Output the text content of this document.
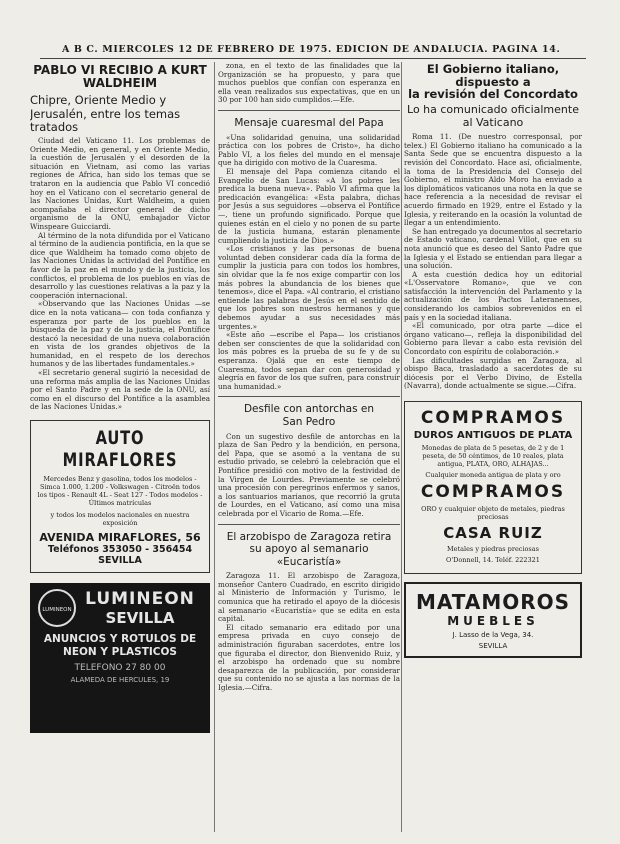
A B C. MIERCOLES 12 DE FEBRERO DE 1975. EDICION DE ANDALUCIA. PAGINA 14.
PABLO VI RECIBIO A KURT
WALDHEIM
Chipre, Oriente Medio y Jerusalén, entre los temas tratados

Ciudad del Vaticano 11. Los problemas de Oriente Medio, en general, y en Oriente Medio, la cuestión de Jerusalén y el desorden de la situación en Vietnam, así como las varias regiones de Africa, han sido los temas que se trataron en la audiencia que Pablo VI concedió hoy en el Vaticano con el secretario general de las Naciones Unidas, Kurt Waldheim, a quien acompañaba el director general de dicho organismo de la ONU, embajador Víctor Winspeare Guicciardi.

Al término de la nota difundida por el Vaticano al término de la audiencia pontificia, en la que se dice que Waldheim ha tomado como objeto de las Naciones Unidas la actividad del Pontífice en favor de la paz en el mundo y de la justicia, los conflictos, el problema de los pueblos en vías de desarrollo y las cuestiones relativas a la paz y la cooperación internacional.

«Observando que las Naciones Unidas —se dice en la nota vaticana— con toda confianza y esperanza por parte de los pueblos en la búsqueda de la paz y de la justicia, el Pontífice destacó la necesidad de una nueva colaboración en vista de los grandes objetivos de la humanidad, en el respeto de los derechos humanos y de las libertades fundamentales.»

«El secretario general sugirió la necesidad de una reforma más amplia de las Naciones Unidas por el Santo Padre y en la sede de la ONU, así como en el discurso del Pontífice a la asamblea de las Naciones Unidas.»

AUTO MIRAFLORES
Mercedes Benz y gasolina, todos los modelos - Simca 1.000, 1.200 - Volkswagen - Citroën todos los tipos - Renault 4L - Seat 127 - Todos modelos - Últimos matrículas
y todos los modelos nacionales en nuestra exposición
AVENIDA MIRAFLORES, 56
Teléfonos 353050 - 356454
SEVILLA
LUMINEON
LUMINEON
SEVILLA
ANUNCIOS Y ROTULOS DE NEON Y PLASTICOS
TELEFONO 27 80 00
ALAMEDA DE HERCULES, 19

zona, en el texto de las finalidades que la Organización se ha propuesto, y para que muchos pueblos que confían con esperanza en ella vean realizados sus expectativas, que en un 30 por 100 han sido cumplidos.—Efe.

Mensaje cuaresmal del Papa

«Una solidaridad genuina, una solidaridad práctica con los pobres de Cristo», ha dicho Pablo VI, a los fieles del mundo en el mensaje que ha dirigido con motivo de la Cuaresma.

El mensaje del Papa comienza citando el Evangelio de San Lucas: «A los pobres les predica la buena nueva». Pablo VI afirma que la predicación evangélica: «Esta palabra, dichas por Jesús a sus seguidores —observa el Pontífice—, tiene un profundo significado. Porque que quienes están en el cielo y no ponen de su parte de la justicia humana, estarán plenamente cumpliendo la justicia de Dios.»

«Los cristianos y las personas de buena voluntad deben considerar cada día la forma de cumplir la justicia para con todos los hombres, sin olvidar que la fe nos exige compartir con los más pobres la abundancia de los bienes que tenemos», dice el Papa. «Al contrario, el cristiano entiende las palabras de Jesús en el sentido de que los pobres son nuestros hermanos y que debemos ayudar a sus necesidades más urgentes.»

«Este año —escribe el Papa— los cristianos deben ser conscientes de que la solidaridad con los más pobres es la prueba de su fe y de su esperanza. Ojalá que en este tiempo de Cuaresma, todos sepan dar con generosidad y alegría en favor de los que sufren, para construir una humanidad.»

Desfile con antorchas en
San Pedro

Con un sugestivo desfile de antorchas en la plaza de San Pedro y la bendición, en persona, del Papa, que se asomó a la ventana de su estudio privado, se celebró la celebración que el Pontífice presidió con motivo de la festividad de la Virgen de Lourdes. Previamente se celebró una procesión con peregrinos enfermos y sanos, a los santuarios marianos, que recorrió la gruta de Lourdes, en el Vaticano, así como una misa celebrada por el Vicario de Roma.—Efe.

El arzobispo de Zaragoza retira
su apoyo al semanario
«Eucaristía»

Zaragoza 11. El arzobispo de Zaragoza, monseñor Cantero Cuadrado, en escrito dirigido al Ministerio de Información y Turismo, le comunica que ha retirado el apoyo de la diócesis al semanario «Eucaristía» que se edita en esta capital.

El citado semanario era editado por una empresa privada en cuyo consejo de administración figuraban sacerdotes, entre los que figuraba el director, don Bienvenido Ruiz, y el arzobispo ha ordenado que su nombre desaparezca de la publicación, por considerar que su contenido no se ajusta a las normas de la Iglesia.—Cifra.

El Gobierno italiano, dispuesto a
la revisión del Concordato
Lo ha comunicado oficialmente
al Vaticano

Roma 11. (De nuestro corresponsal, por telex.) El Gobierno italiano ha comunicado a la Santa Sede que se encuentra dispuesto a la revisión del Concordato. Hace así, oficialmente, la toma de la Presidencia del Consejo del Gobierno, el ministro Aldo Moro ha enviado a los diplomáticos vaticanos una nota en la que se hace referencia a la necesidad de revisar el acuerdo firmado en 1929, entre el Estado y la Iglesia, y reiterando en la ocasión la voluntad de llegar a un entendimiento.

Se han entregado ya documentos al secretario de Estado vaticano, cardenal Villot, que en su nota anunció que es deseo del Santo Padre que la Iglesia y el Estado se entiendan para llegar a una solución.

A esta cuestión dedica hoy un editorial «L'Osservatore Romano», que ve con satisfacción la intervención del Parlamento y la actualización de los Pactos Lateranenses, considerando los cambios sobrevenidos en el país y en la sociedad italiana.

«El comunicado, por otra parte —dice el órgano vaticano—, refleja la disponibilidad del Gobierno para llevar a cabo esta revisión del Concordato con espíritu de colaboración.»

Las dificultades surgidas en Zaragoza, al obispo Baca, trasladado a sacerdotes de su diócesis por el Verbo Divino, de Estella (Navarra), donde actualmente se sigue.—Cifra.

COMPRAMOS
DUROS ANTIGUOS DE PLATA
Monedas de plata de 5 pesetas, de 2 y de 1 peseta, de 50 céntimos, de 10 reales, plata antigua, PLATA, ORO, ALHAJAS...
Cualquier moneda antigua de plata y oro
COMPRAMOS
ORO y cualquier objeto de metales, piedras preciosas
CASA RUIZ
Metales y piedras preciosas
O'Donnell, 14. Teléf. 222321
MATAMOROS
MUEBLES
J. Lasso de la Vega, 34.
SEVILLA
